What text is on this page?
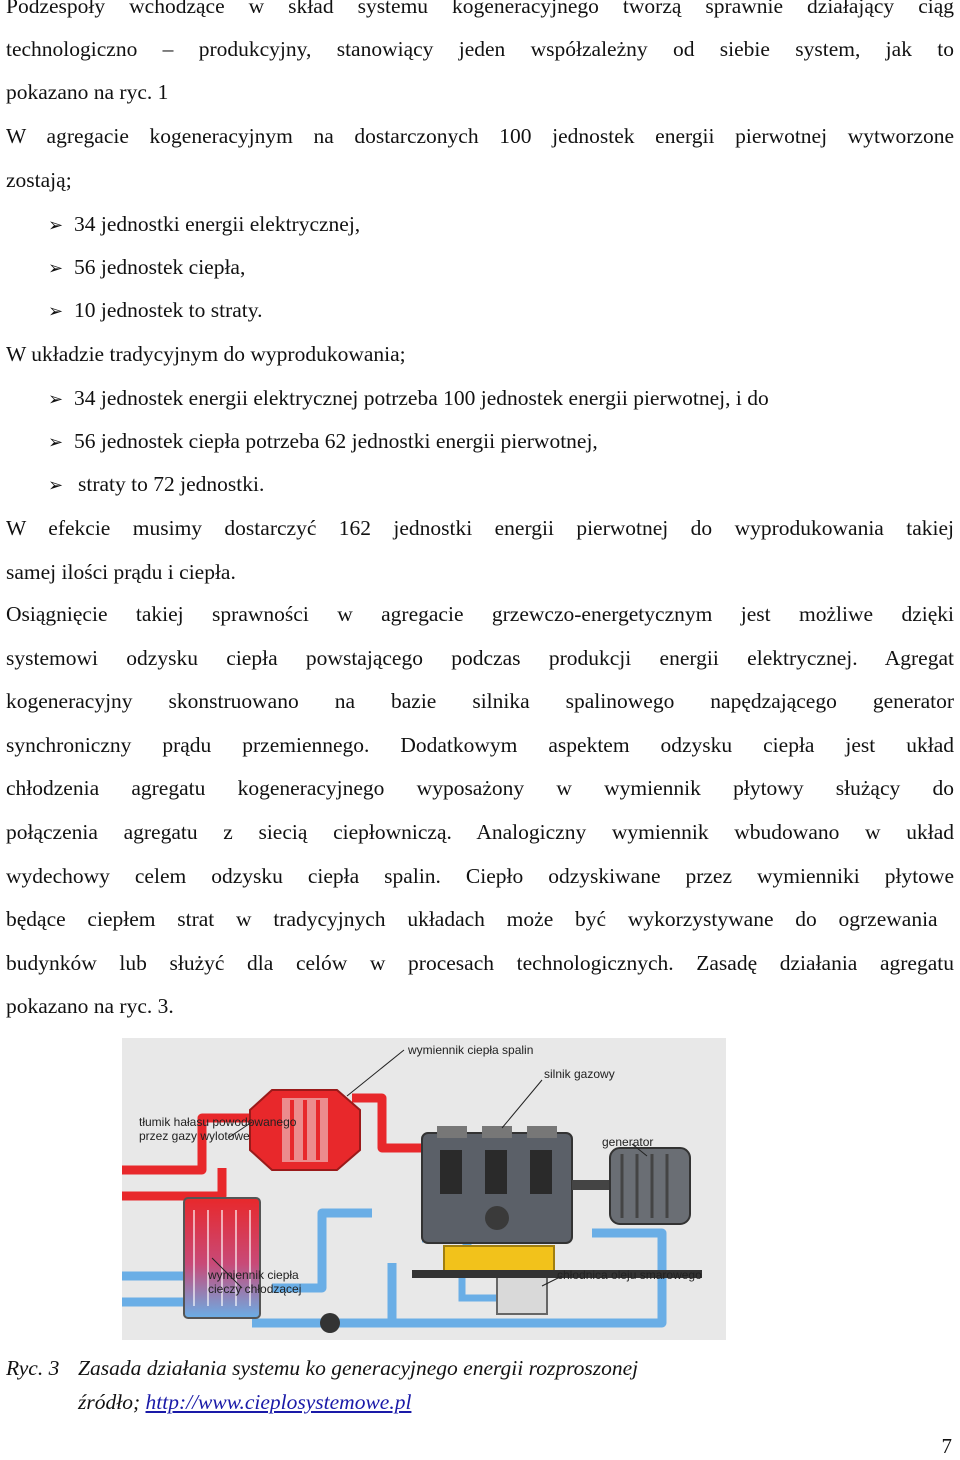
Podzespoły wchodzące w skład systemu kogeneracyjnego tworzą sprawnie działający ciąg

technologiczno – produkcyjny, stanowiący jeden współzależny od siebie system, jak to

pokazano na ryc. 1

W agregacie kogeneracyjnym na dostarczonych 100 jednostek energii pierwotnej wytworzone

zostają;

➢ 34 jednostki energii elektrycznej,
➢ 56 jednostek ciepła,
➢ 10 jednostek to straty.

W układzie tradycyjnym do wyprodukowania;

➢ 34 jednostek energii elektrycznej potrzeba 100 jednostek energii pierwotnej, i do
➢ 56 jednostek ciepła potrzeba 62 jednostki energii pierwotnej,
➢ straty to 72 jednostki.

W efekcie musimy dostarczyć 162 jednostki energii pierwotnej do wyprodukowania takiej

samej ilości prądu i ciepła.

Osiągnięcie takiej sprawności w agregacie grzewczo-energetycznym jest możliwe dzięki
systemowi odzysku ciepła powstającego podczas produkcji energii elektrycznej. Agregat
kogeneracyjny skonstruowano na bazie silnika spalinowego napędzającego generator
synchroniczny prądu przemiennego. Dodatkowym aspektem odzysku ciepła jest układ
chłodzenia agregatu kogeneracyjnego wyposażony w wymiennik płytowy służący do
połączenia agregatu z siecią ciepłowniczą. Analogiczny wymiennik wbudowano w układ
wydechowy celem odzysku ciepła spalin. Ciepło odzyskiwane przez wymienniki płytowe
będące ciepłem strat w tradycyjnych układach może być wykorzystywane do ogrzewania
budynków lub służyć dla celów w procesach technologicznych. Zasadę działania agregatu
pokazano na ryc. 3.
wymiennik ciepła spalin
tłumik hałasu powodowanego
przez gazy wylotowe
silnik gazowy
generator
wymiennik ciepła
cieczy chłodzącej
chłodnica oleju smarowego
Ryc. 3 Zasada działania systemu ko generacyjnego energii rozproszonej
źródło; http://www.cieplosystemowe.pl
7
